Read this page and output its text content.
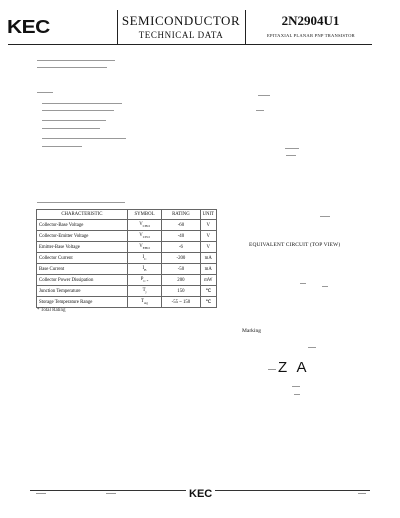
KEC	SEMICONDUCTOR
TECHNICAL DATA
2N2904U1
EPITAXIAL PLANAR PNP TRANSISTOR
CHARACTERISTIC	SYMBOL	RATING	UNIT
Collector-Base Voltage	$V_{CBO}$	-60	V
Collector-Emitter Voltage	$V_{CEO}$	-40	V
Emitter-Base Voltage	$V_{EBO}$	-6	V
Collector Current	$I_C$	-200	mA
Base Current	$I_B$	-50	mA
Collector Power Dissipation	$P_{C *}$	200	mW
Junction Temperature	$T_j$	150	℃
Storage Temperature Range	$T_{stg}$	-55 ~ 150	℃
* Total Rating
EQUIVALENT CIRCUIT (TOP VIEW)
Marking
Z A
KEC
